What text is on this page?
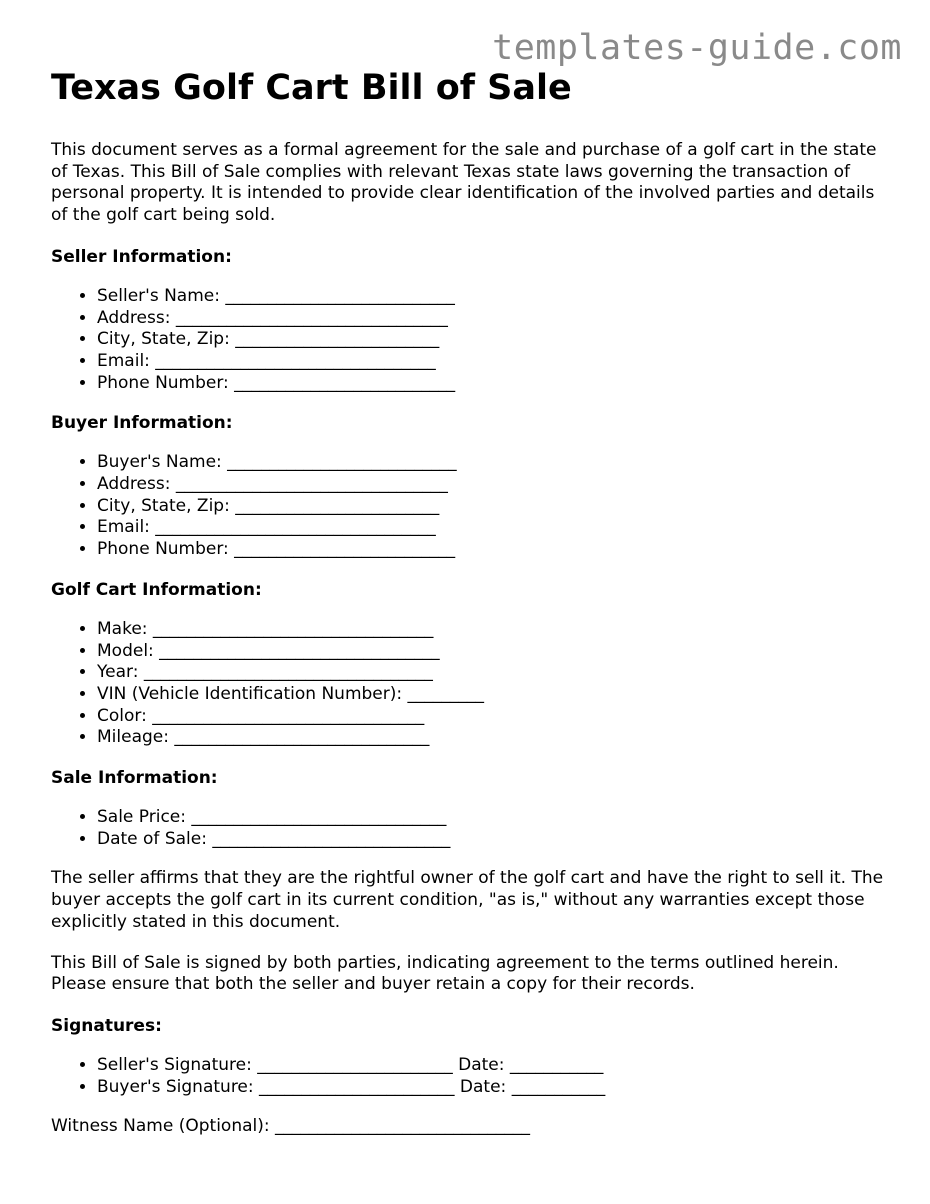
templates-guide.com
Texas Golf Cart Bill of Sale

This document serves as a formal agreement for the sale and purchase of a golf cart in the state of Texas. This Bill of Sale complies with relevant Texas state laws governing the transaction of personal property. It is intended to provide clear identification of the involved parties and details of the golf cart being sold.

Seller Information:
• Seller's Name: ___________________________
• Address: ________________________________
• City, State, Zip: ________________________
• Email: _________________________________
• Phone Number: __________________________
Buyer Information:
• Buyer's Name: ___________________________
• Address: ________________________________
• City, State, Zip: ________________________
• Email: _________________________________
• Phone Number: __________________________
Golf Cart Information:
• Make: _________________________________
• Model: _________________________________
• Year: __________________________________
• VIN (Vehicle Identification Number): _________
• Color: ________________________________
• Mileage: ______________________________
Sale Information:
• Sale Price: ______________________________
• Date of Sale: ____________________________

The seller affirms that they are the rightful owner of the golf cart and have the right to sell it. The buyer accepts the golf cart in its current condition, "as is," without any warranties except those explicitly stated in this document.

This Bill of Sale is signed by both parties, indicating agreement to the terms outlined herein. Please ensure that both the seller and buyer retain a copy for their records.

Signatures:
• Seller's Signature: _______________________ Date: ___________
• Buyer's Signature: _______________________ Date: ___________

Witness Name (Optional): ______________________________
